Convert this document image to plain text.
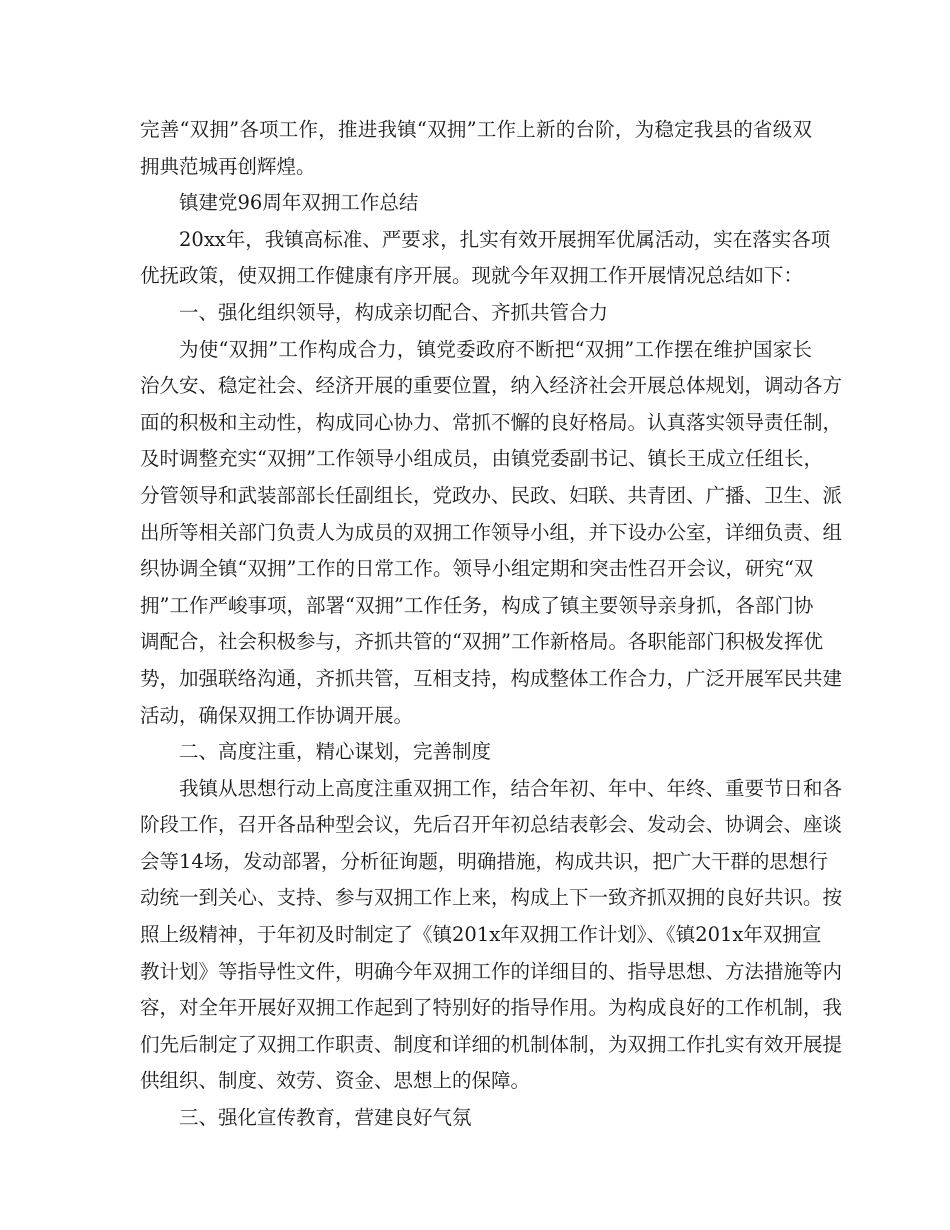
完善“双拥”各项工作，推进我镇“双拥”工作上新的台阶，为稳定我县的省级双
拥典范城再创辉煌。
镇建党96周年双拥工作总结
20xx年，我镇高标准、严要求，扎实有效开展拥军优属活动，实在落实各项
优抚政策，使双拥工作健康有序开展。现就今年双拥工作开展情况总结如下：
一、强化组织领导，构成亲切配合、齐抓共管合力
为使“双拥”工作构成合力，镇党委政府不断把“双拥”工作摆在维护国家长
治久安、稳定社会、经济开展的重要位置，纳入经济社会开展总体规划，调动各方
面的积极和主动性，构成同心协力、常抓不懈的良好格局。认真落实领导责任制，
及时调整充实“双拥”工作领导小组成员，由镇党委副书记、镇长王成立任组长，
分管领导和武装部部长任副组长，党政办、民政、妇联、共青团、广播、卫生、派
出所等相关部门负责人为成员的双拥工作领导小组，并下设办公室，详细负责、组
织协调全镇“双拥”工作的日常工作。领导小组定期和突击性召开会议，研究“双
拥”工作严峻事项，部署“双拥”工作任务，构成了镇主要领导亲身抓，各部门协
调配合，社会积极参与，齐抓共管的“双拥”工作新格局。各职能部门积极发挥优
势，加强联络沟通，齐抓共管，互相支持，构成整体工作合力，广泛开展军民共建
活动，确保双拥工作协调开展。
二、高度注重，精心谋划，完善制度
我镇从思想行动上高度注重双拥工作，结合年初、年中、年终、重要节日和各
阶段工作，召开各品种型会议，先后召开年初总结表彰会、发动会、协调会、座谈
会等14场，发动部署，分析征询题，明确措施，构成共识，把广大干群的思想行
动统一到关心、支持、参与双拥工作上来，构成上下一致齐抓双拥的良好共识。按
照上级精神，于年初及时制定了《镇201x年双拥工作计划》、《镇201x年双拥宣
教计划》等指导性文件，明确今年双拥工作的详细目的、指导思想、方法措施等内
容，对全年开展好双拥工作起到了特别好的指导作用。为构成良好的工作机制，我
们先后制定了双拥工作职责、制度和详细的机制体制，为双拥工作扎实有效开展提
供组织、制度、效劳、资金、思想上的保障。
三、强化宣传教育，营建良好气氛
